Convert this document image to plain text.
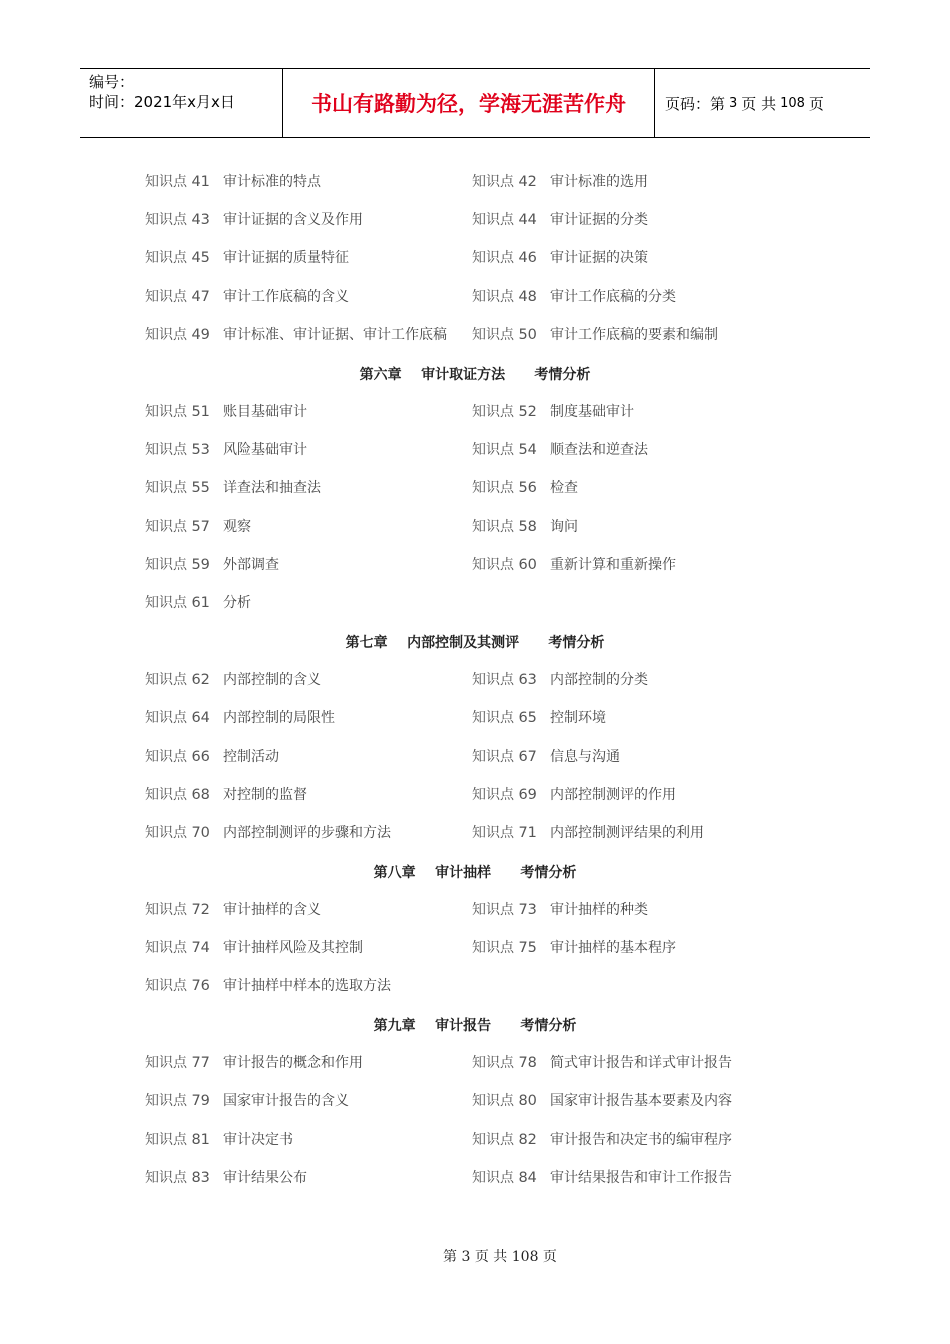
编号：
时间：2021年x月x日	书山有路勤为径，学海无涯苦作舟	页码：第 3 页 共 108 页
知识点 41 审计标准的特点	知识点 42 审计标准的选用
知识点 43 审计证据的含义及作用	知识点 44 审计证据的分类
知识点 45 审计证据的质量特征	知识点 46 审计证据的决策
知识点 47 审计工作底稿的含义	知识点 48 审计工作底稿的分类
知识点 49 审计标准、审计证据、审计工作底稿 知识点 50 审计工作底稿的要素和编制
第六章    审计取证方法      考情分析
知识点 51 账目基础审计	知识点 52 制度基础审计
知识点 53 风险基础审计	知识点 54 顺查法和逆查法
知识点 55 详查法和抽查法	知识点 56 检查
知识点 57 观察	知识点 58 询问
知识点 59 外部调查	知识点 60 重新计算和重新操作
知识点 61 分析
第七章    内部控制及其测评      考情分析
知识点 62 内部控制的含义	知识点 63 内部控制的分类
知识点 64 内部控制的局限性	知识点 65 控制环境
知识点 66 控制活动	知识点 67 信息与沟通
知识点 68 对控制的监督	知识点 69 内部控制测评的作用
知识点 70 内部控制测评的步骤和方法	知识点 71 内部控制测评结果的利用
第八章    审计抽样      考情分析
知识点 72 审计抽样的含义	知识点 73 审计抽样的种类
知识点 74 审计抽样风险及其控制	知识点 75 审计抽样的基本程序
知识点 76 审计抽样中样本的选取方法
第九章    审计报告      考情分析
知识点 77 审计报告的概念和作用	知识点 78 简式审计报告和详式审计报告
知识点 79 国家审计报告的含义	知识点 80 国家审计报告基本要素及内容
知识点 81 审计决定书	知识点 82 审计报告和决定书的编审程序
知识点 83 审计结果公布	知识点 84 审计结果报告和审计工作报告
第 3 页 共 108 页
